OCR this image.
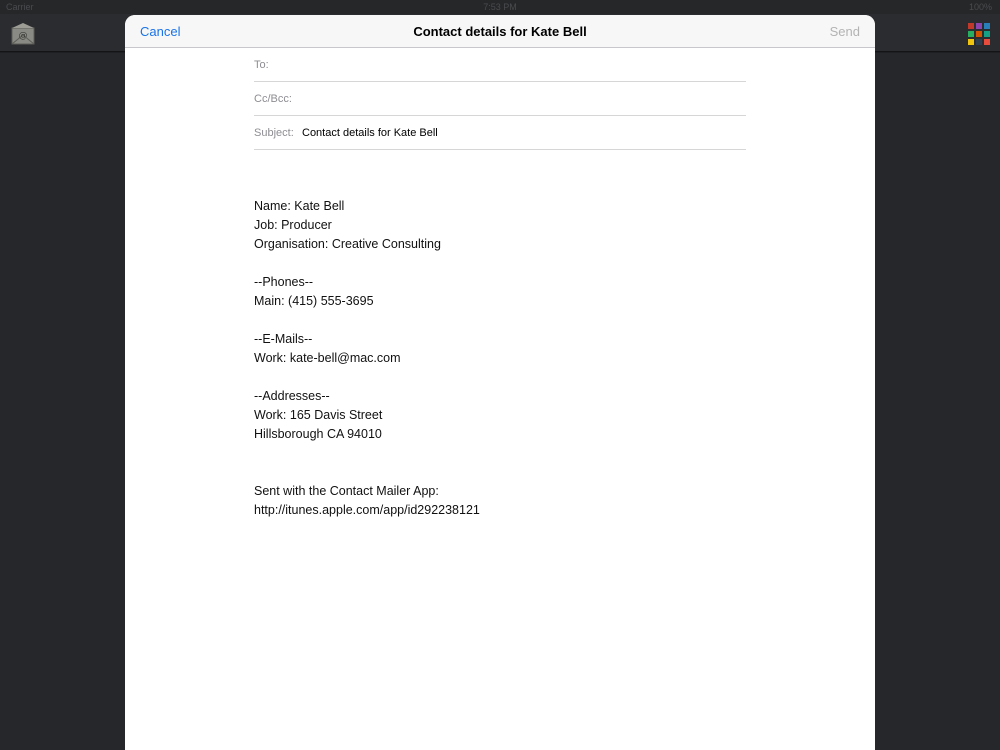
Carrier	7:53 PM	100%
@	Cancel	Contact details for Kate Bell	Send
To:
Cc/Bcc:
Subject: Contact details for Kate Bell
Name: Kate Bell
Job: Producer
Organisation: Creative Consulting
--Phones--
Main: (415) 555-3695
--E-Mails--
Work: kate-bell@mac.com
--Addresses--
Work: 165 Davis Street
Hillsborough CA 94010
Sent with the Contact Mailer App:
http://itunes.apple.com/app/id292238121
